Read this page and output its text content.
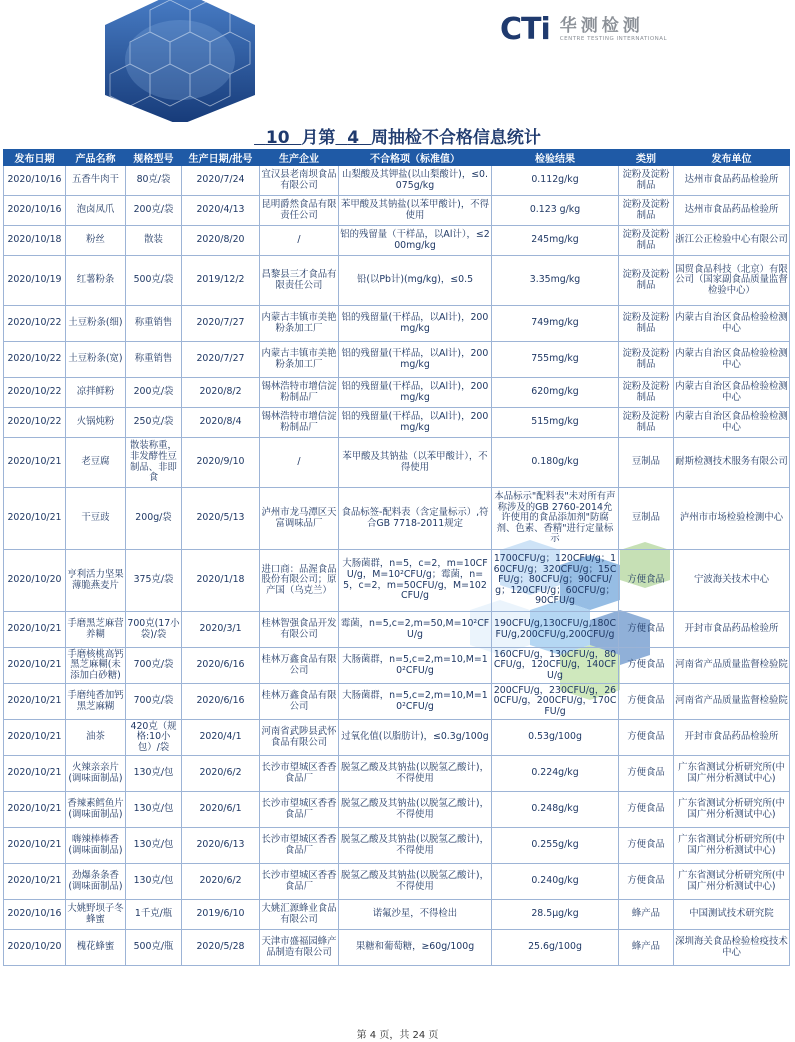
CTi 华测检测
CENTRE TESTING INTERNATIONAL
10 月第 4 周抽检不合格信息统计
发布日期	产品名称	规格型号	生产日期/批号	生产企业	不合格项（标准值）	检验结果	类别	发布单位
2020/10/16	五香牛肉干	80克/袋	2020/7/24	宜汉县老南坝食品有限公司	山梨酸及其钾盐(以山梨酸计)，≤0.075g/kg	0.112g/kg	淀粉及淀粉制品	达州市食品药品检验所
2020/10/16	泡卤凤爪	200克/袋	2020/4/13	昆明爵然食品有限责任公司	苯甲酸及其钠盐(以苯甲酸计)，不得使用	0.123 g/kg	淀粉及淀粉制品	达州市食品药品检验所
2020/10/18	粉丝	散装	2020/8/20	/	铝的残留量（干样品，以Al计），≤200mg/kg	245mg/kg	淀粉及淀粉制品	浙江公正检验中心有限公司
2020/10/19	红薯粉条	500克/袋	2019/12/2	昌黎县三才食品有限责任公司	铅(以Pb计)(mg/kg)，≤0.5	3.35mg/kg	淀粉及淀粉制品	国贸食品科技（北京）有限公司（国家副食品质量监督检验中心）
2020/10/22	土豆粉条(细)	称重销售	2020/7/27	内蒙古丰镇市美艳粉条加工厂	铝的残留量(干样品，以Al计)，200mg/kg	749mg/kg	淀粉及淀粉制品	内蒙古自治区食品检验检测中心
2020/10/22	土豆粉条(宽)	称重销售	2020/7/27	内蒙古丰镇市美艳粉条加工厂	铝的残留量(干样品，以Al计)，200mg/kg	755mg/kg	淀粉及淀粉制品	内蒙古自治区食品检验检测中心
2020/10/22	凉拌鲜粉	200克/袋	2020/8/2	锡林浩特市增信淀粉制品厂	铝的残留量(干样品，以Al计)，200mg/kg	620mg/kg	淀粉及淀粉制品	内蒙古自治区食品检验检测中心
2020/10/22	火锅炖粉	250克/袋	2020/8/4	锡林浩特市增信淀粉制品厂	铝的残留量(干样品，以Al计)，200mg/kg	515mg/kg	淀粉及淀粉制品	内蒙古自治区食品检验检测中心
2020/10/21	老豆腐	散装称重，非发酵性豆制品、非即食	2020/9/10	/	苯甲酸及其钠盐（以苯甲酸计），不得使用	0.180g/kg	豆制品	耐斯检测技术服务有限公司
2020/10/21	干豆豉	200g/袋	2020/5/13	泸州市龙马潭区天富调味品厂	食品标签-配料表（含定量标示）,符合GB 7718-2011规定	本品标示"配料表"未对所有声称涉及的GB 2760-2014允许使用的食品添加剂"防腐剂、色素、香精"进行定量标示	豆制品	泸州市市场检验检测中心
2020/10/20	亨利活力坚果薄脆燕麦片	375克/袋	2020/1/18	进口商：品渥食品股份有限公司；原产国（乌克兰）	大肠菌群，n=5，c=2，m=10CFU/g，M=10²CFU/g；霉菌，n=5，c=2，m=50CFU/g，M=102CFU/g	1700CFU/g；120CFU/g；160CFU/g；320CFU/g；15CFU/g；80CFU/g；90CFU/g；120CFU/g；60CFU/g；90CFU/g	方便食品	宁波海关技术中心
2020/10/21	手磨黑芝麻营养糊	700克(17小袋)/袋	2020/3/1	桂林智强食品开发有限公司	霉菌，n=5,c=2,m=50,M=10²CFU/g	190CFU/g,130CFU/g,180CFU/g,200CFU/g,200CFU/g	方便食品	开封市食品药品检验所
2020/10/21	手磨核桃高钙黑芝麻糊(未添加白砂糖)	700克/袋	2020/6/16	桂林万鑫食品有限公司	大肠菌群，n=5,c=2,m=10,M=10²CFU/g	160CFU/g，130CFU/g，80CFU/g，120CFU/g，140CFU/g	方便食品	河南省产品质量监督检验院
2020/10/21	手磨纯香加钙黑芝麻糊	700克/袋	2020/6/16	桂林万鑫食品有限公司	大肠菌群，n=5,c=2,m=10,M=10²CFU/g	200CFU/g，230CFU/g，260CFU/g，200CFU/g，170CFU/g	方便食品	河南省产品质量监督检验院
2020/10/21	油茶	420克（规格:10小包）/袋	2020/4/1	河南省武陟县武怀食品有限公司	过氧化值(以脂肪计)，≤0.3g/100g	0.53g/100g	方便食品	开封市食品药品检验所
2020/10/21	火辣亲亲片(调味面制品)	130克/包	2020/6/2	长沙市望城区香香食品厂	脱氢乙酸及其钠盐(以脱氢乙酸计)，不得使用	0.224g/kg	方便食品	广东省测试分析研究所(中国广州分析测试中心)
2020/10/21	香辣素鳕鱼片(调味面制品)	130克/包	2020/6/1	长沙市望城区香香食品厂	脱氢乙酸及其钠盐(以脱氢乙酸计)，不得使用	0.248g/kg	方便食品	广东省测试分析研究所(中国广州分析测试中心)
2020/10/21	嗨辣棒棒香(调味面制品)	130克/包	2020/6/13	长沙市望城区香香食品厂	脱氢乙酸及其钠盐(以脱氢乙酸计)，不得使用	0.255g/kg	方便食品	广东省测试分析研究所(中国广州分析测试中心)
2020/10/21	劲爆条条香(调味面制品)	130克/包	2020/6/2	长沙市望城区香香食品厂	脱氢乙酸及其钠盐(以脱氢乙酸计)，不得使用	0.240g/kg	方便食品	广东省测试分析研究所(中国广州分析测试中心)
2020/10/16	大姚野坝子冬蜂蜜	1千克/瓶	2019/6/10	大姚汇源蜂业食品有限公司	诺氟沙星，不得检出	28.5μg/kg	蜂产品	中国测试技术研究院
2020/10/20	槐花蜂蜜	500克/瓶	2020/5/28	天津市盛福园蜂产品制造有限公司	果糖和葡萄糖，≥60g/100g	25.6g/100g	蜂产品	深圳海关食品检验检疫技术中心
第 4 页，共 24 页
